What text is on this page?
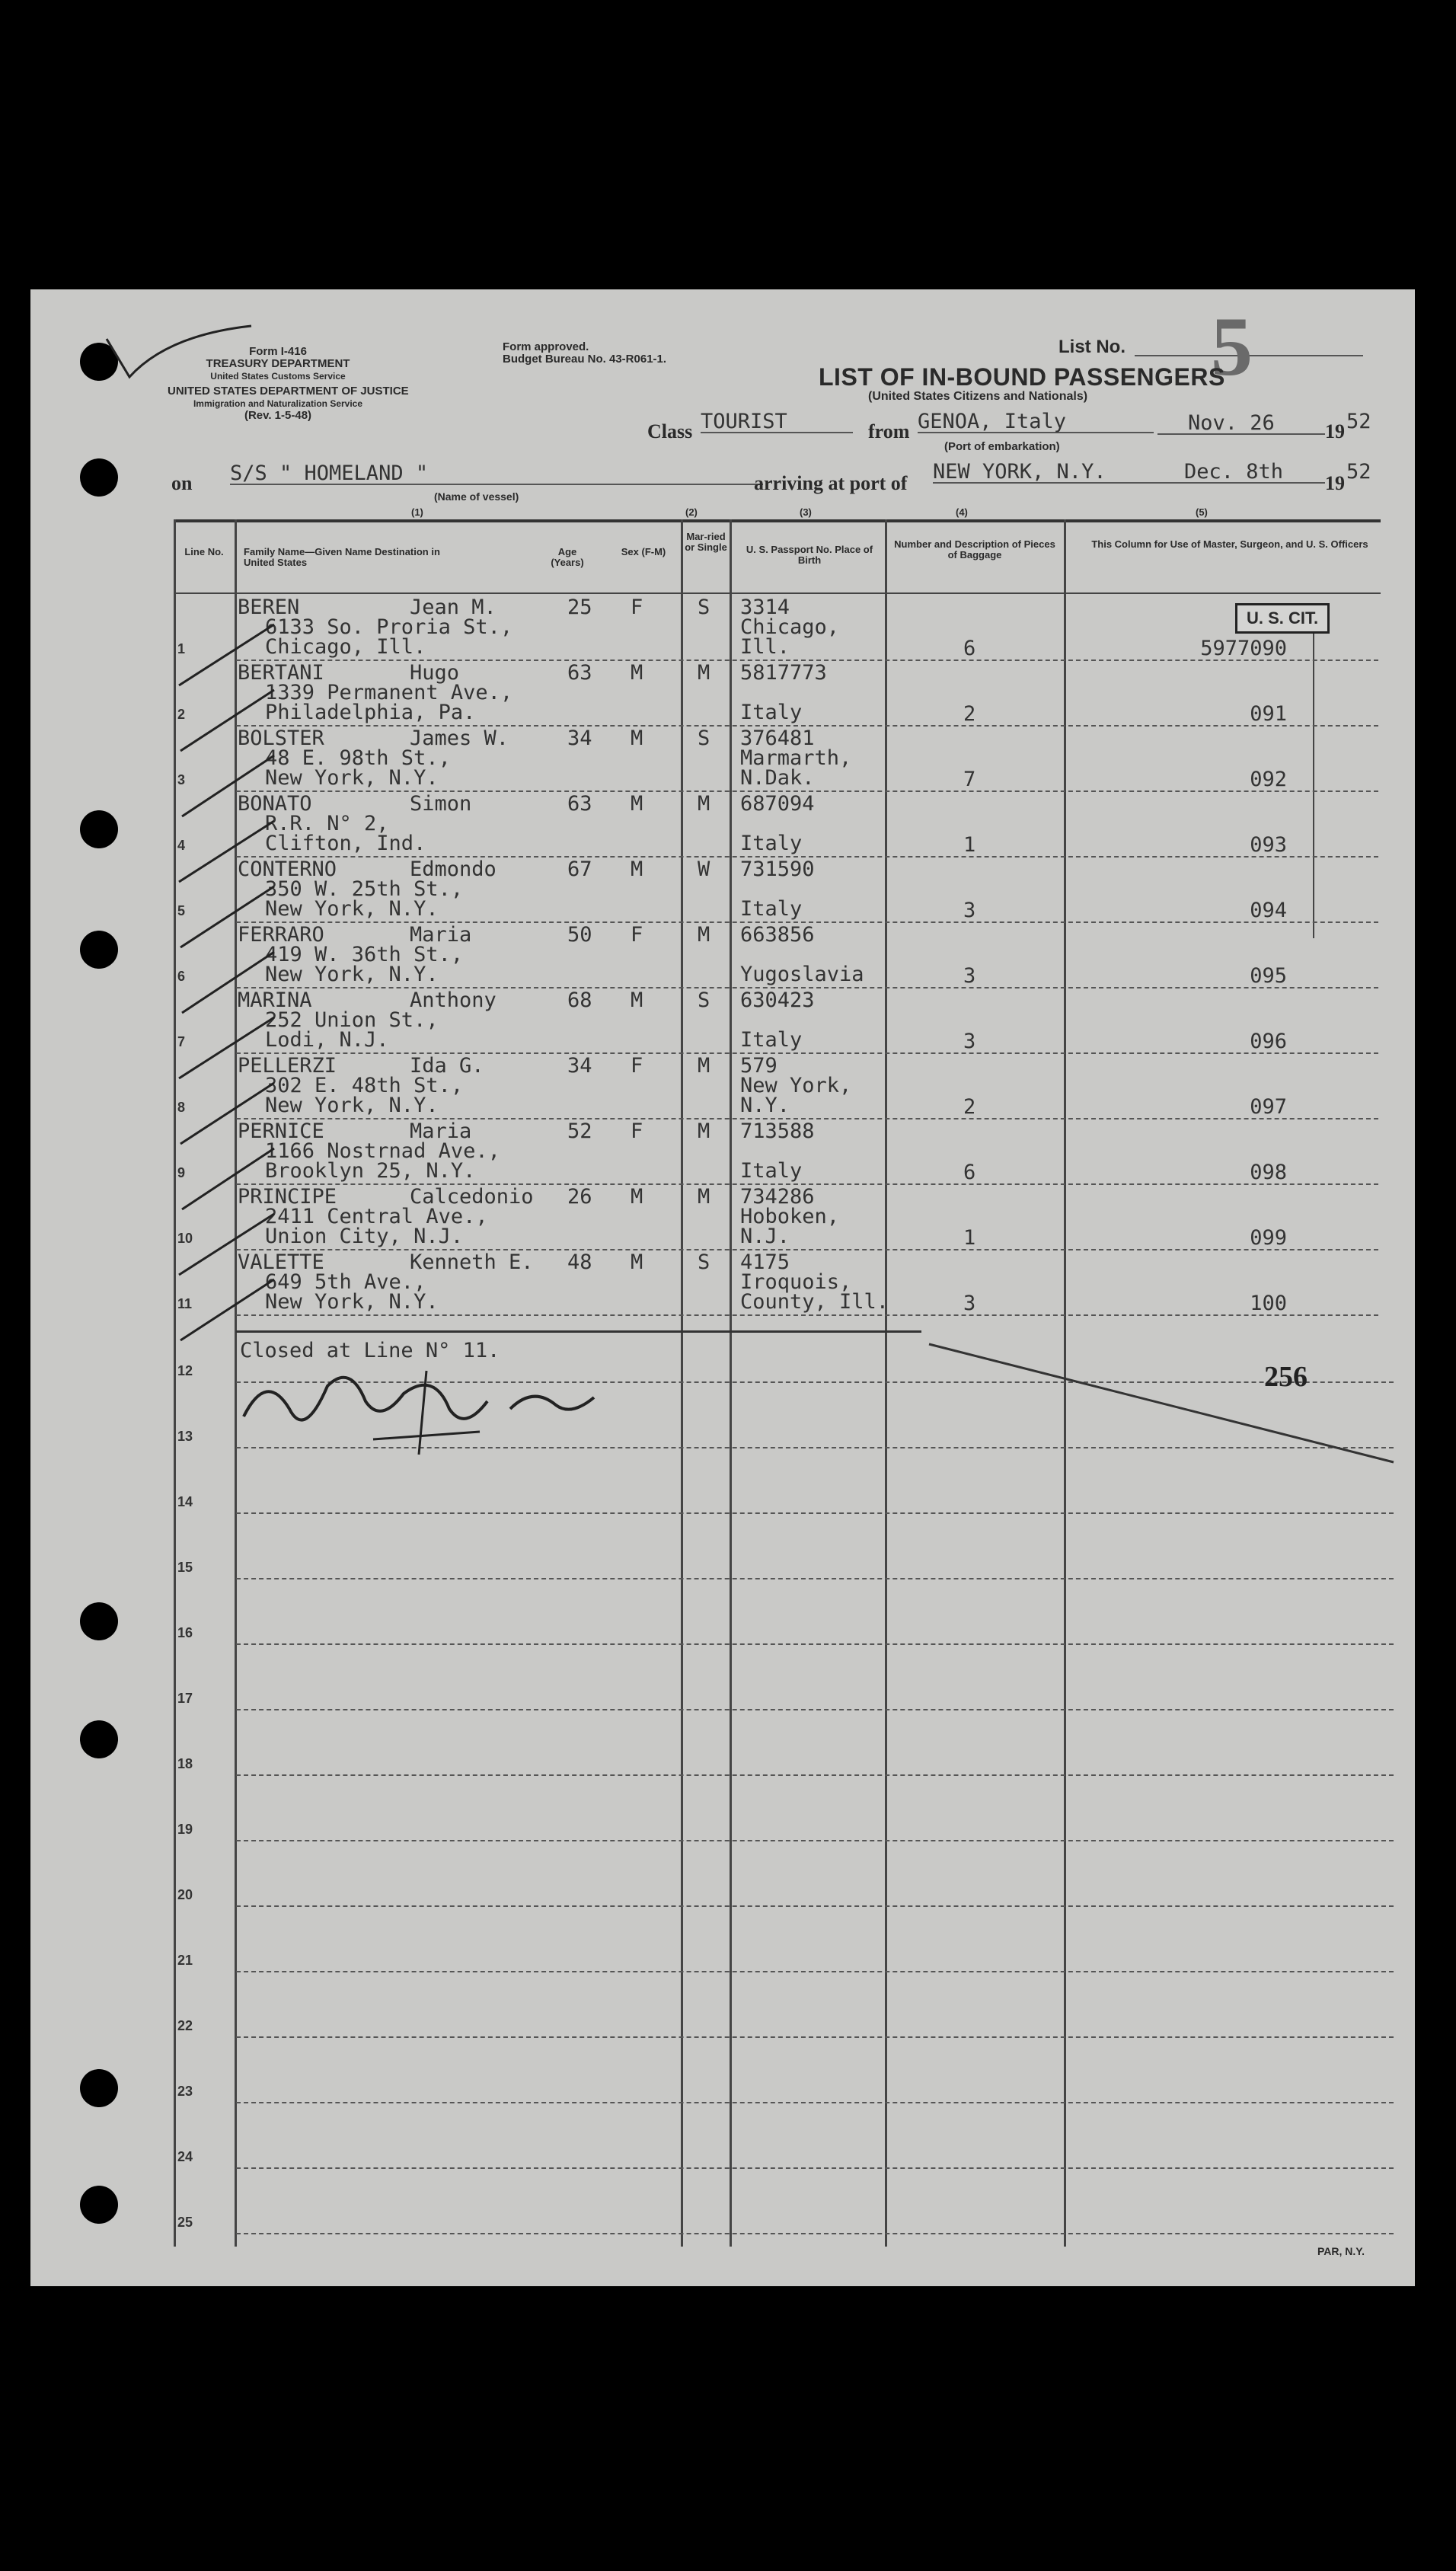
Form I-416
TREASURY DEPARTMENT
United States Customs Service
UNITED STATES DEPARTMENT OF JUSTICE
Immigration and Naturalization Service
(Rev. 1-5-48)
Form approved.
Budget Bureau No. 43-R061-1.
List No. 5
LIST OF IN-BOUND PASSENGERS
(United States Citizens and Nationals)
Class TOURIST	from GENOA, Italy	Nov. 26	19 52
(Port of embarkation)
on S/S " HOMELAND "
(Name of vessel)
arriving at port of NEW YORK, N.Y.	Dec. 8th	19 52
(1)	(2)	(3)	(4)	(5)
Line No.	Family Name—Given Name Destination in United States
Age (Years)
Sex (F-M)
Mar-ried or Single	U. S. Passport No. Place of Birth
Number and Description of Pieces of Baggage
This Column for Use of Master, Surgeon, and U. S. Officers
U. S. CIT.
1
BEREN	Jean M.
6133 So. Proria St.,
Chicago, Ill.
25 F	S 3314
Chicago,
Ill.	6	5977090
2
BERTANI	Hugo
1339 Permanent Ave.,
Philadelphia, Pa.
63 M	M 5817773
Italy	2	091
3
BOLSTER	James W.
48 E. 98th St.,
New York, N.Y.
34 M	S 376481
Marmarth,
N.Dak.	7	092
4
BONATO	Simon
R.R. N° 2,
Clifton, Ind.
63 M	M 687094
Italy	1	093
5
CONTERNO	Edmondo
350 W. 25th St.,
New York, N.Y.
67 M	W 731590
Italy	3	094
6
FERRARO	Maria
419 W. 36th St.,
New York, N.Y.
50 F	M 663856
Yugoslavia	3	095
7
MARINA	Anthony
252 Union St.,
Lodi, N.J.
68 M	S 630423
Italy	3	096
8
PELLERZI	Ida G.
302 E. 48th St.,
New York, N.Y.
34 F	M 579
New York,
N.Y.	2	097
9
PERNICE	Maria
1166 Nostrnad Ave.,
Brooklyn 25, N.Y.
52 F	M 713588
Italy	6	098
10
PRINCIPE	Calcedonio
2411 Central Ave.,
Union City, N.J.
26 M	M 734286
Hoboken,
N.J.	1	099
11
VALETTE	Kenneth E.
649 5th Ave.,
New York, N.Y.
48 M	S 4175
Iroquois,
County, Ill.	3	100
12
13
14
15
16
17
18
19
20
21
22
23
24
25
Closed at Line N° 11.
256
PAR, N.Y.
